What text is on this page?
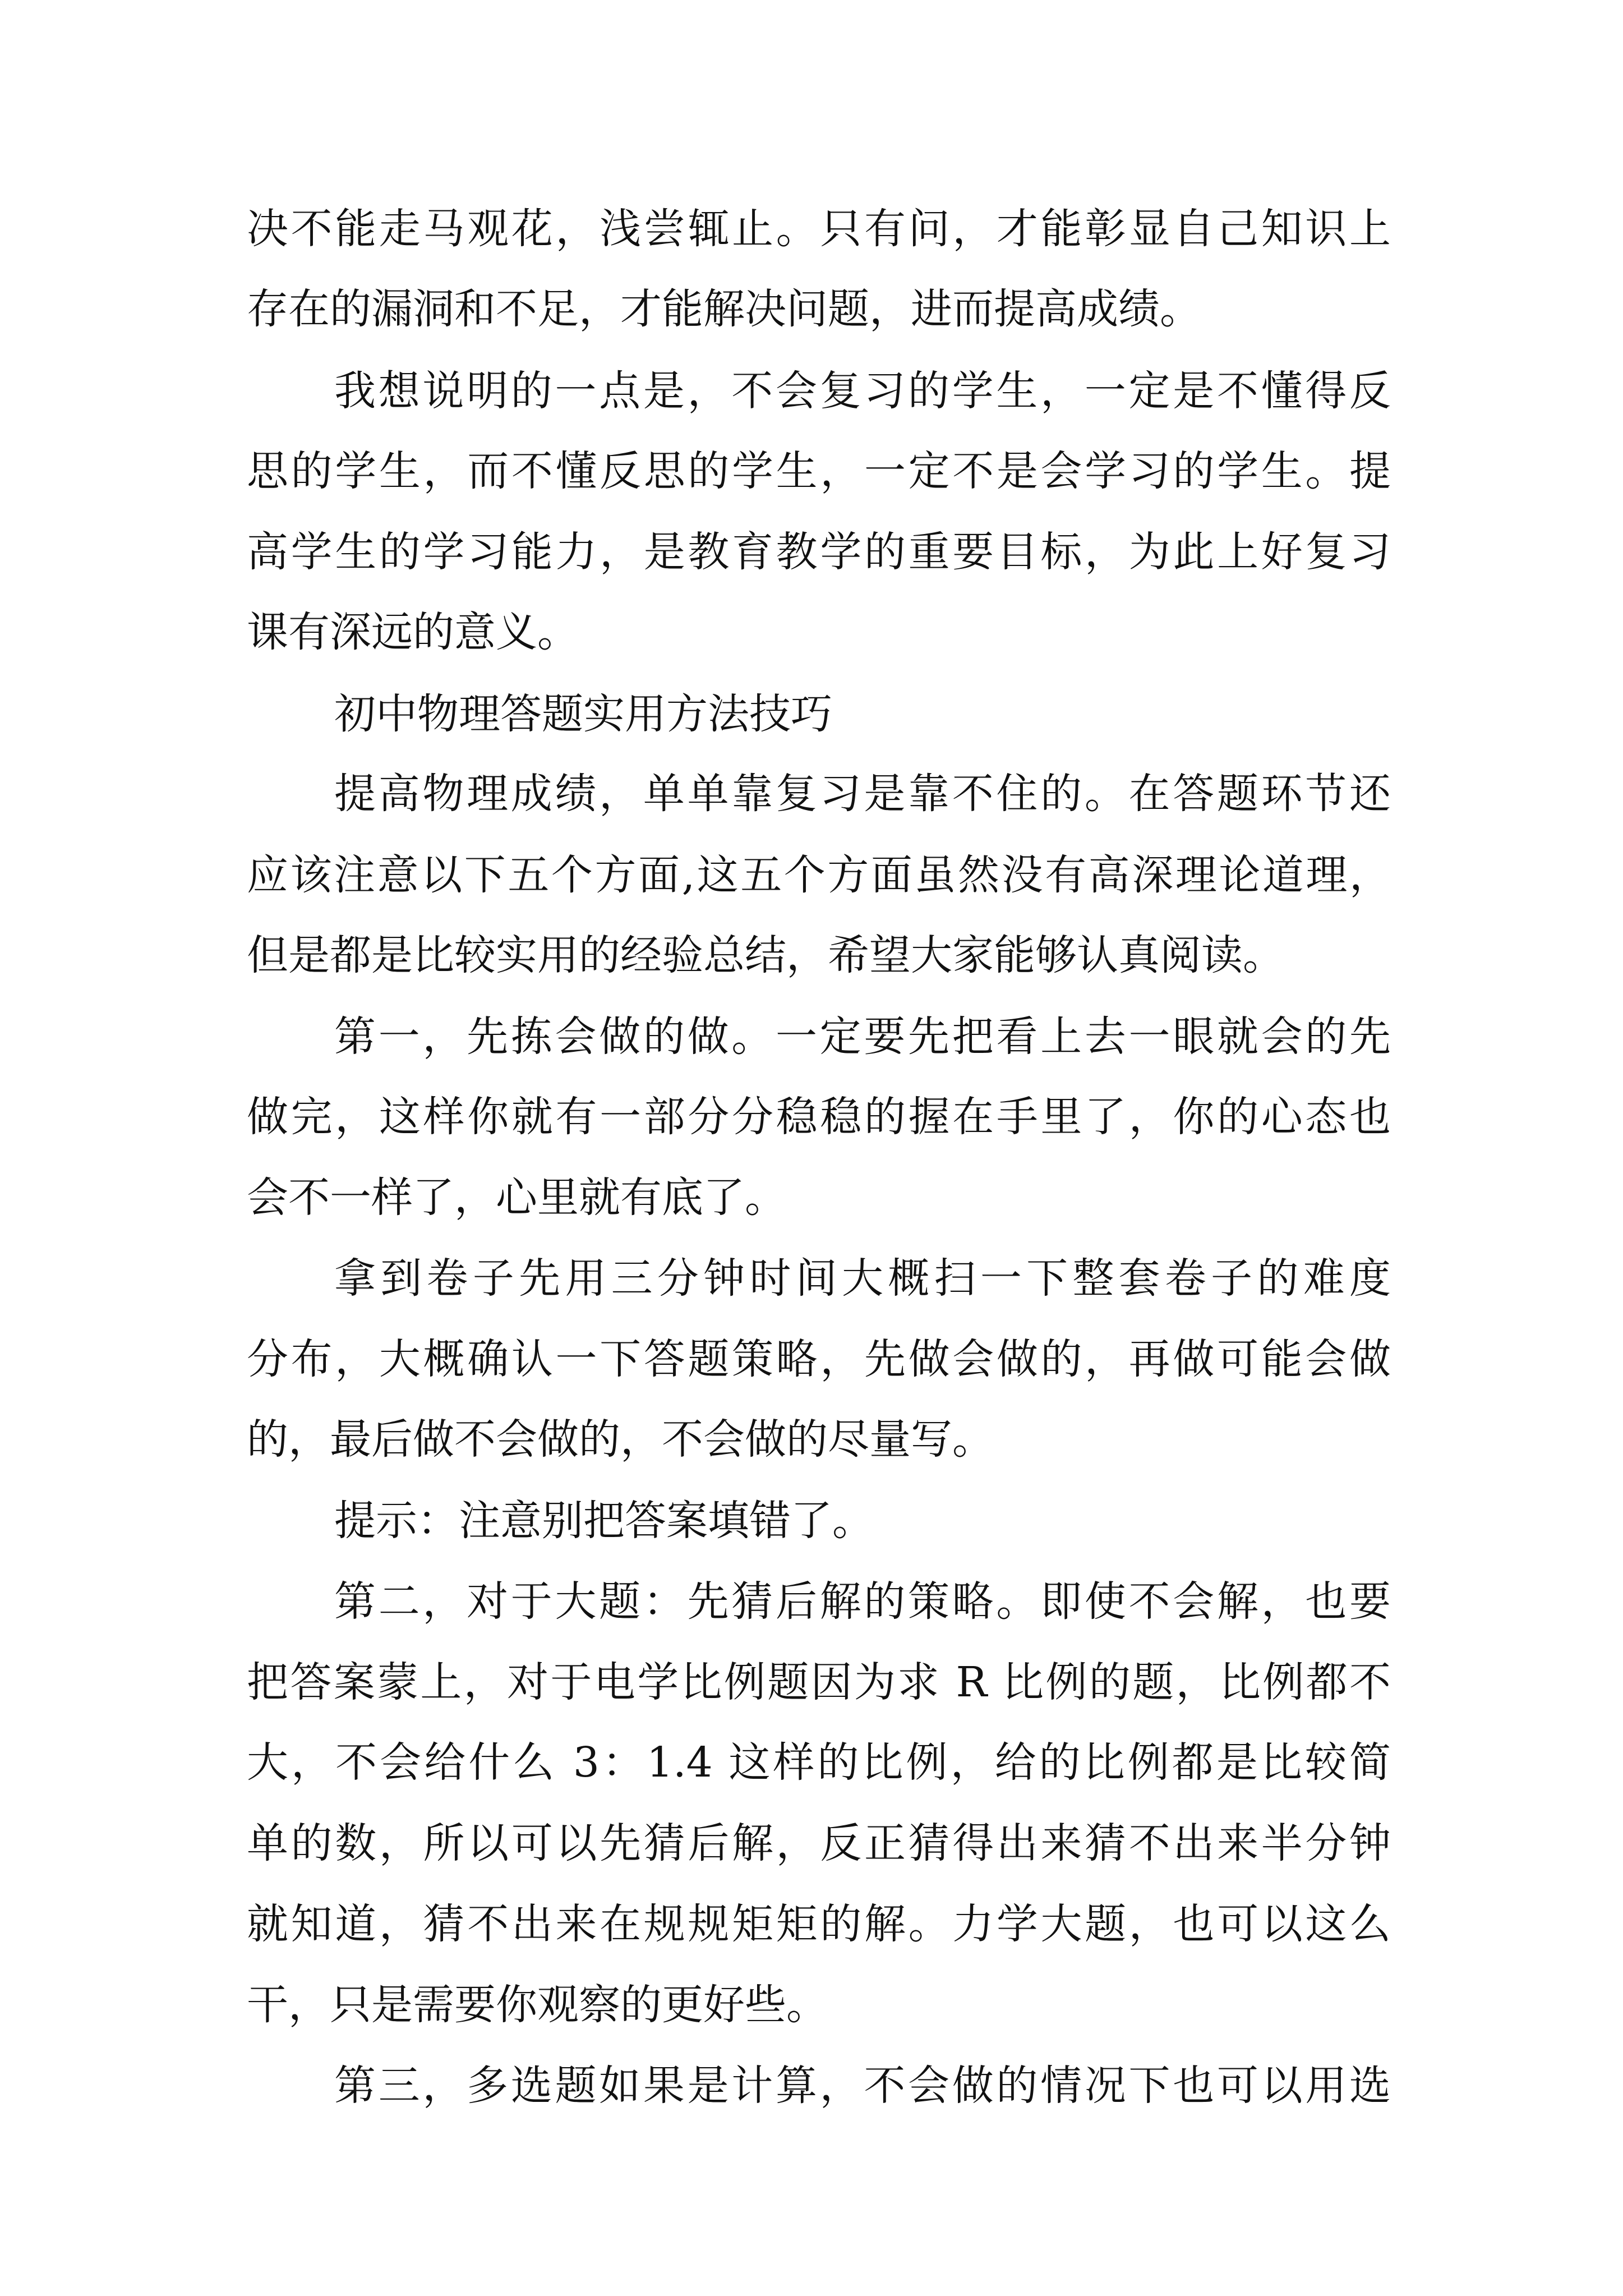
决不能走马观花，浅尝辄止。只有问，才能彰显自己知识上
存在的漏洞和不足，才能解决问题，进而提高成绩。
我想说明的一点是，不会复习的学生，一定是不懂得反
思的学生，而不懂反思的学生，一定不是会学习的学生。提
高学生的学习能力，是教育教学的重要目标，为此上好复习
课有深远的意义。
初中物理答题实用方法技巧
提高物理成绩，单单靠复习是靠不住的。在答题环节还
应该注意以下五个方面,这五个方面虽然没有高深理论道理，
但是都是比较实用的经验总结，希望大家能够认真阅读。
第一，先拣会做的做。一定要先把看上去一眼就会的先
做完，这样你就有一部分分稳稳的握在手里了，你的心态也
会不一样了，心里就有底了。
拿到卷子先用三分钟时间大概扫一下整套卷子的难度
分布，大概确认一下答题策略，先做会做的，再做可能会做
的，最后做不会做的，不会做的尽量写。
提示：注意别把答案填错了。
第二，对于大题：先猜后解的策略。即使不会解，也要
把答案蒙上，对于电学比例题因为求 R 比例的题，比例都不
大，不会给什么 3：1.4 这样的比例，给的比例都是比较简
单的数，所以可以先猜后解，反正猜得出来猜不出来半分钟
就知道，猜不出来在规规矩矩的解。力学大题，也可以这么
干，只是需要你观察的更好些。
第三，多选题如果是计算，不会做的情况下也可以用选
